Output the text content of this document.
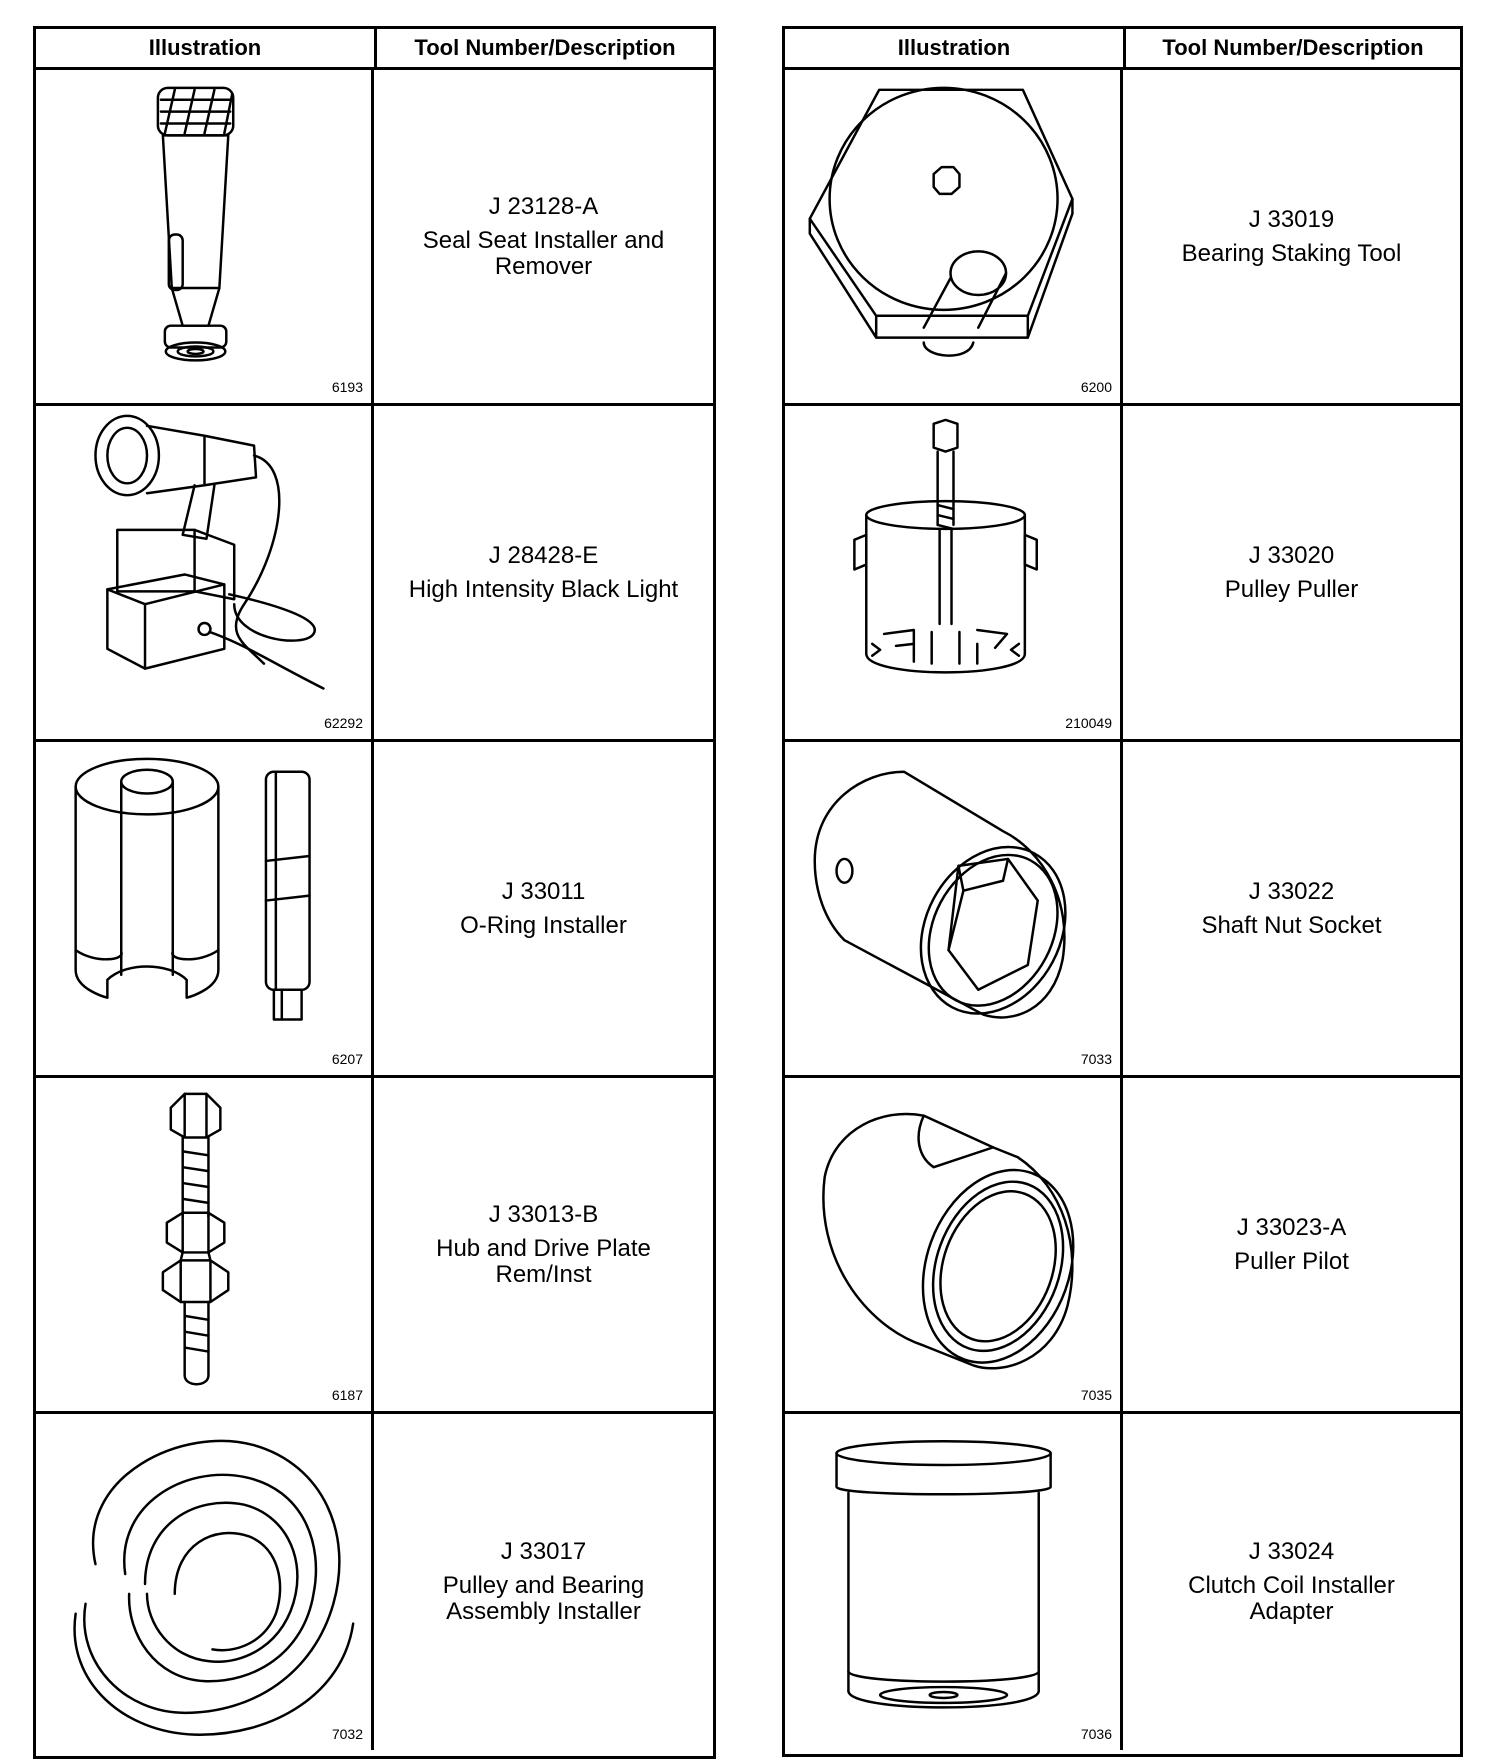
Illustration	Tool Number/Description
6193
J 23128-A
Seal Seat Installer and Remover
62292
J 28428-E
High Intensity Black Light
6207
J 33011
O-Ring Installer
6187
J 33013-B
Hub and Drive Plate Rem/Inst
7032
J 33017
Pulley and Bearing Assembly Installer
Illustration	Tool Number/Description
6200
J 33019
Bearing Staking Tool
210049
J 33020
Pulley Puller
7033
J 33022
Shaft Nut Socket
7035
J 33023-A
Puller Pilot
7036
J 33024
Clutch Coil Installer Adapter
